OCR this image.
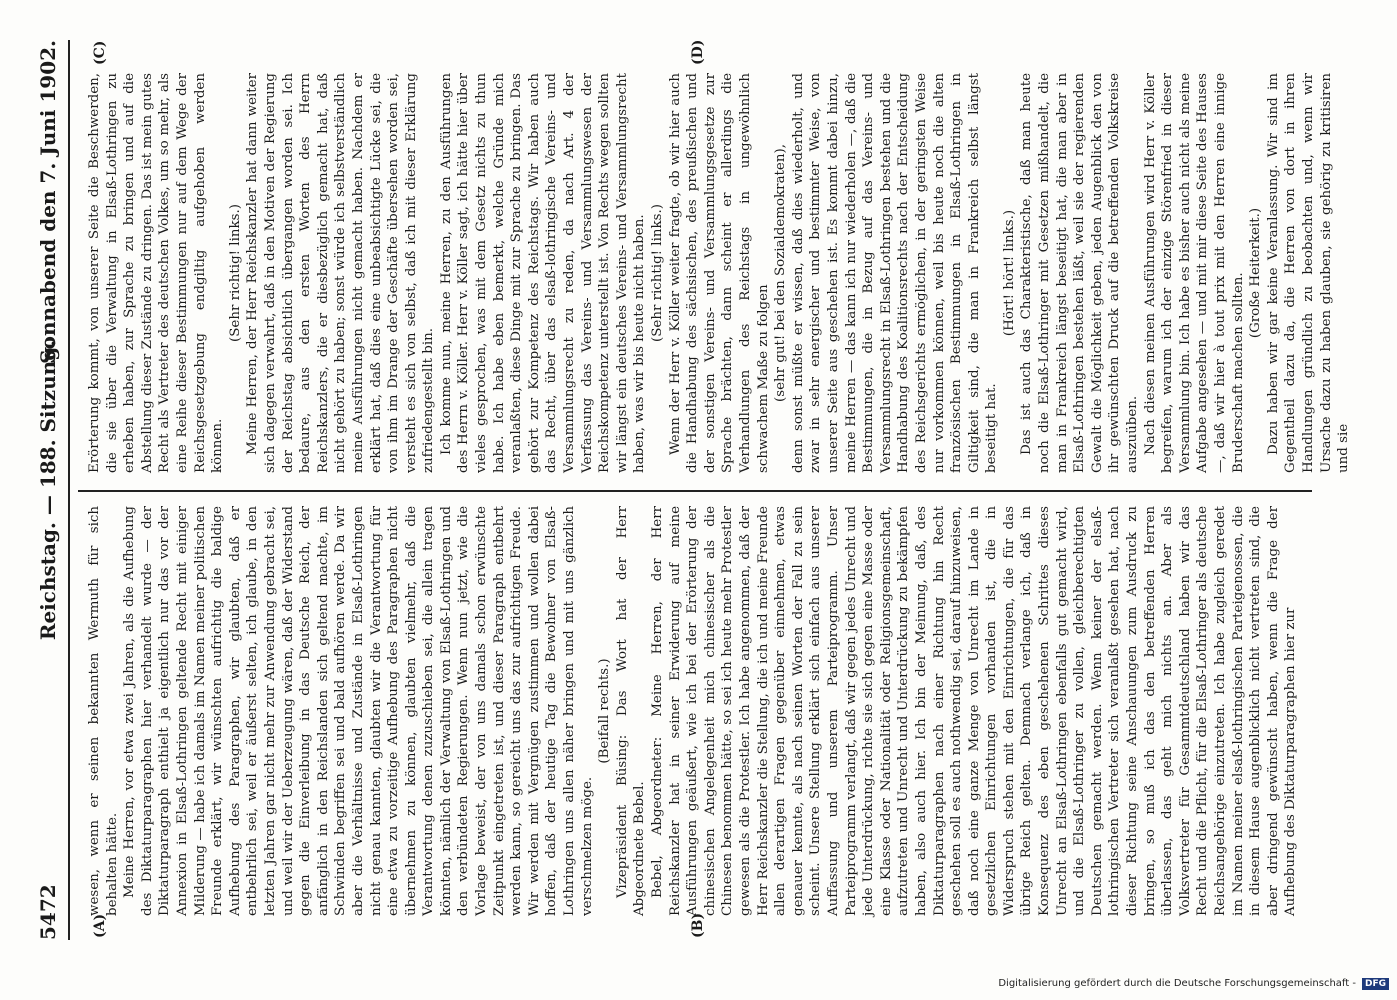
5472
Reichstag. — 188. Sitzung.
Sonnabend den 7. Juni 1902.
(A)	(B)
(C)	(D)

wesen, wenn er seinen bekannten Wermuth für sich behalten hätte. Meine Herren, vor etwa zwei Jahren, als die Aufhebung des Diktaturparagraphen hier verhandelt wurde — der Diktaturparagraph enthielt ja eigentlich nur das vor der Annexion in Elsaß-Lothringen geltende Recht mit einiger Milderung — habe ich damals im Namen meiner politischen Freunde erklärt, wir wünschten aufrichtig die baldige Aufhebung des Paragraphen, wir glaubten, daß er entbehrlich sei, weil er äußerst selten, ich glaube, in den letzten Jahren gar nicht mehr zur Anwendung gebracht sei, und weil wir der Ueberzeugung wären, daß der Widerstand gegen die Einverleibung in das Deutsche Reich, der anfänglich in den Reichslanden sich geltend machte, im Schwinden begriffen sei und bald aufhören werde. Da wir aber die Verhältnisse und Zustände in Elsaß-Lothringen nicht genau kannten, glaubten wir die Verantwortung für eine etwa zu vorzeitige Aufhebung des Paragraphen nicht übernehmen zu können, glaubten vielmehr, daß die Verantwortung denen zuzuschieben sei, die allein tragen könnten, nämlich der Verwaltung von Elsaß-Lothringen und den verbündeten Regierungen. Wenn nun jetzt, wie die Vorlage beweist, der von uns damals schon erwünschte Zeitpunkt eingetreten ist, und dieser Paragraph entbehrt werden kann, so gereicht uns das zur aufrichtigen Freude. Wir werden mit Vergnügen zustimmen und wollen dabei hoffen, daß der heutige Tag die Bewohner von Elsaß-Lothringen uns allen näher bringen und mit uns gänzlich verschmelzen möge.

(Beifall rechts.) Vizepräsident Büsing: Das Wort hat der Herr Abgeordnete Bebel. Bebel, Abgeordneter: Meine Herren, der Herr Reichskanzler hat in seiner Erwiderung auf meine Ausführungen geäußert, wie ich bei der Erörterung der chinesischen Angelegenheit mich chinesischer als die Chinesen benommen hätte, so sei ich heute mehr Protestler gewesen als die Protestler. Ich habe angenommen, daß der Herr Reichskanzler die Stellung, die ich und meine Freunde allen derartigen Fragen gegenüber einnehmen, etwas genauer kennte, als nach seinen Worten der Fall zu sein scheint. Unsere Stellung erklärt sich einfach aus unserer Auffassung und unserem Parteiprogramm. Unser Parteiprogramm verlangt, daß wir gegen jedes Unrecht und jede Unterdrückung, richte sie sich gegen eine Masse oder eine Klasse oder Nationalität oder Religionsgemeinschaft, aufzutreten und Unrecht und Unterdrückung zu bekämpfen haben, also auch hier. Ich bin der Meinung, daß, des Diktaturparagraphen nach einer Richtung hin Recht geschehen soll es auch nothwendig sei, darauf hinzuweisen, daß noch eine ganze Menge von Unrecht im Lande in gesetzlichen Einrichtungen vorhanden ist, die in Widerspruch stehen mit den Einrichtungen, die für das übrige Reich gelten. Demnach verlange ich, daß in Konsequenz des eben geschehenen Schrittes dieses Unrecht an Elsaß-Lothringen ebenfalls gut gemacht wird, und die Elsaß-Lothringer zu vollen, gleichberechtigten Deutschen gemacht werden. Wenn keiner der elsaß-lothringischen Vertreter sich veranlaßt gesehen hat, nach dieser Richtung seine Anschauungen zum Ausdruck zu bringen, so muß ich das den betreffenden Herren überlassen, das geht mich nichts an. Aber als Volksvertreter für Gesammtdeutschland haben wir das Recht und die Pflicht, für die Elsaß-Lothringer als deutsche Reichsangehörige einzutreten. Ich habe zugleich geredet im Namen meiner elsaß-lothringischen Parteigenossen, die in diesem Hause augenblicklich nicht vertreten sind, die aber dringend gewünscht haben, wenn die Frage der Aufhebung des Diktaturparagraphen hier zur

Erörterung kommt, von unserer Seite die Beschwerden, die sie über die Verwaltung in Elsaß-Lothringen zu erheben haben, zur Sprache zu bringen und auf die Abstellung dieser Zustände zu dringen. Das ist mein gutes Recht als Vertreter des deutschen Volkes, um so mehr, als eine Reihe dieser Bestimmungen nur auf dem Wege der Reichsgesetzgebung endgiltig aufgehoben werden können.

(Sehr richtig! links.) Meine Herren, der Herr Reichskanzler hat dann weiter sich dagegen verwahrt, daß in den Motiven der Regierung der Reichstag absichtlich übergangen worden sei. Ich bedaure, aus den ersten Worten des Herrn Reichskanzlers, die er diesbezüglich gemacht hat, daß nicht gehört zu haben; sonst würde ich selbstverständlich meine Ausführungen nicht gemacht haben. Nachdem er erklärt hat, daß dies eine unbeabsichtigte Lücke sei, die von ihm im Drange der Geschäfte übersehen worden sei, versteht es sich von selbst, daß ich mit dieser Erklärung zufriedengestellt bin. Ich komme nun, meine Herren, zu den Ausführungen des Herrn v. Köller. Herr v. Köller sagt, ich hätte hier über vieles gesprochen, was mit dem Gesetz nichts zu thun habe. Ich habe eben bemerkt, welche Gründe mich veranlaßten, diese Dinge mit zur Sprache zu bringen. Das gehört zur Kompetenz des Reichstags. Wir haben auch das Recht, über das elsaß-lothringische Vereins- und Versammlungsrecht zu reden, da nach Art. 4 der Verfassung das Vereins- und Versammlungswesen der Reichskompetenz unterstellt ist. Von Rechts wegen sollten wir längst ein deutsches Vereins- und Versammlungsrecht haben, was wir bis heute nicht haben. (Sehr richtig! links.) Wenn der Herr v. Köller weiter fragte, ob wir hier auch die Handhabung des sächsischen, des preußischen und der sonstigen Vereins- und Versammlungsgesetze zur Sprache brächten, dann scheint er allerdings die Verhandlungen des Reichstags in ungewöhnlich schwachem Maße zu folgen (sehr gut! bei den Sozialdemokraten), denn sonst müßte er wissen, daß dies wiederholt, und zwar in sehr energischer und bestimmter Weise, von unserer Seite aus geschehen ist. Es kommt dabei hinzu, meine Herren — das kann ich nur wiederholen —, daß die Bestimmungen, die in Bezug auf das Vereins- und Versammlungsrecht in Elsaß-Lothringen bestehen und die Handhabung des Koalitionsrechts nach der Entscheidung des Reichsgerichts ermöglichen, in der geringsten Weise nur vorkommen können, weil bis heute noch die alten französischen Bestimmungen in Elsaß-Lothringen in Giltigkeit sind, die man in Frankreich selbst längst beseitigt hat.

(Hört! hört! links.) Das ist auch das Charakteristische, daß man heute noch die Elsaß-Lothringer mit Gesetzen mißhandelt, die man in Frankreich längst beseitigt hat, die man aber in Elsaß-Lothringen bestehen läßt, weil sie der regierenden Gewalt die Möglichkeit geben, jeden Augenblick den von ihr gewünschten Druck auf die betreffenden Volkskreise auszuüben. Nach diesen meinen Ausführungen wird Herr v. Köller begreifen, warum ich der einzige Störenfried in dieser Versammlung bin. Ich habe es bisher auch nicht als meine Aufgabe angesehen — und mit mir diese Seite des Hauses —, daß wir hier à tout prix mit den Herren eine innige Bruderschaft machen sollten. (Große Heiterkeit.) Dazu haben wir gar keine Veranlassung. Wir sind im Gegentheil dazu da, die Herren von dort in ihren Handlungen gründlich zu beobachten und, wenn wir Ursache dazu zu haben glauben, sie gehörig zu kritisiren und sie

Digitalisierung gefördert durch die Deutsche Forschungsgemeinschaft - DFG
